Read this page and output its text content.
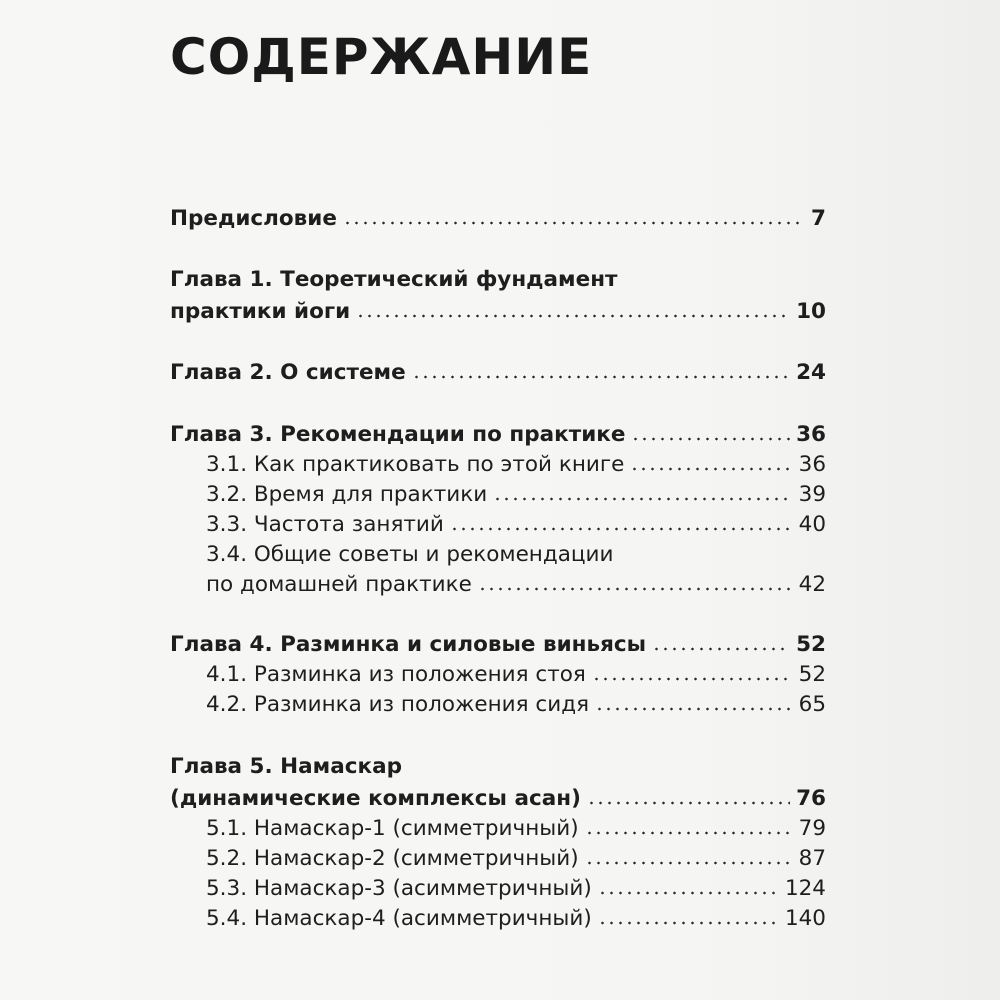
СОДЕРЖАНИЕ
Предисловие	7
Глава 1. Теоретический фундамент
практики йоги	10
Глава 2. О системе	24
Глава 3. Рекомендации по практике	36
3.1. Как практиковать по этой книге	36
3.2. Время для практики	39
3.3. Частота занятий	40
3.4. Общие советы и рекомендации
по домашней практике	42
Глава 4. Разминка и силовые виньясы	52
4.1. Разминка из положения стоя	52
4.2. Разминка из положения сидя	65
Глава 5. Намаскар
(динамические комплексы асан)	76
5.1. Намаскар-1 (симметричный)	79
5.2. Намаскар-2 (симметричный)	87
5.3. Намаскар-3 (асимметричный)	124
5.4. Намаскар-4 (асимметричный)	140
